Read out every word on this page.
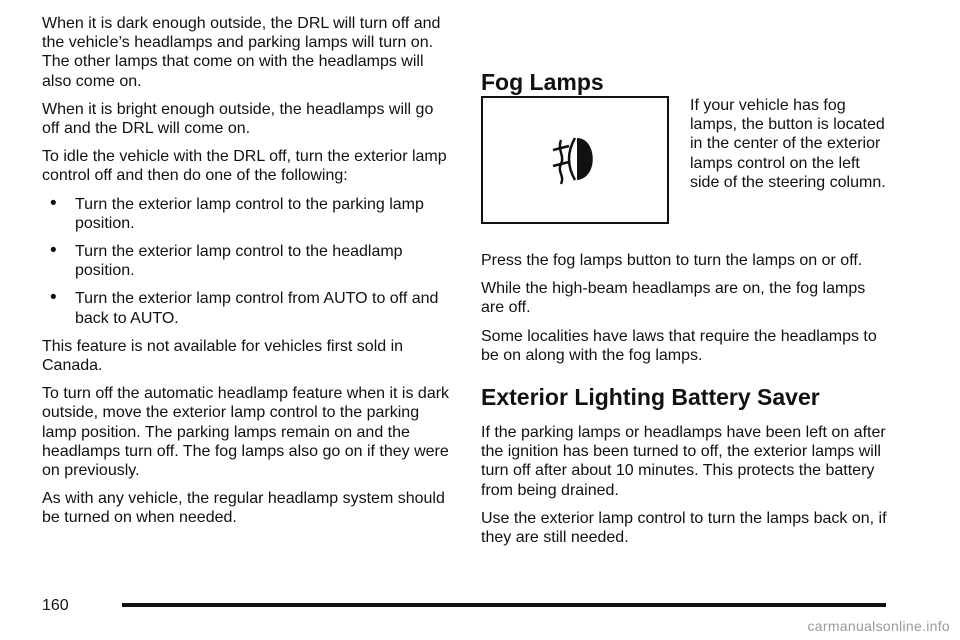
When it is dark enough outside, the DRL will turn off and the vehicle’s headlamps and parking lamps will turn on. The other lamps that come on with the headlamps will also come on.

When it is bright enough outside, the headlamps will go off and the DRL will come on.

To idle the vehicle with the DRL off, turn the exterior lamp control off and then do one of the following:

• Turn the exterior lamp control to the parking lamp position.
• Turn the exterior lamp control to the headlamp position.
• Turn the exterior lamp control from AUTO to off and back to AUTO.

This feature is not available for vehicles first sold in Canada.

To turn off the automatic headlamp feature when it is dark outside, move the exterior lamp control to the parking lamp position. The parking lamps remain on and the headlamps turn off. The fog lamps also go on if they were on previously.

As with any vehicle, the regular headlamp system should be turned on when needed.

Fog Lamps

If your vehicle has fog lamps, the button is located in the center of the exterior lamps control on the left side of the steering column.

Press the fog lamps button to turn the lamps on or off.

While the high-beam headlamps are on, the fog lamps are off.

Some localities have laws that require the headlamps to be on along with the fog lamps.

Exterior Lighting Battery Saver

If the parking lamps or headlamps have been left on after the ignition has been turned to off, the exterior lamps will turn off after about 10 minutes. This protects the battery from being drained.

Use the exterior lamp control to turn the lamps back on, if they are still needed.

160
carmanualsonline.info
